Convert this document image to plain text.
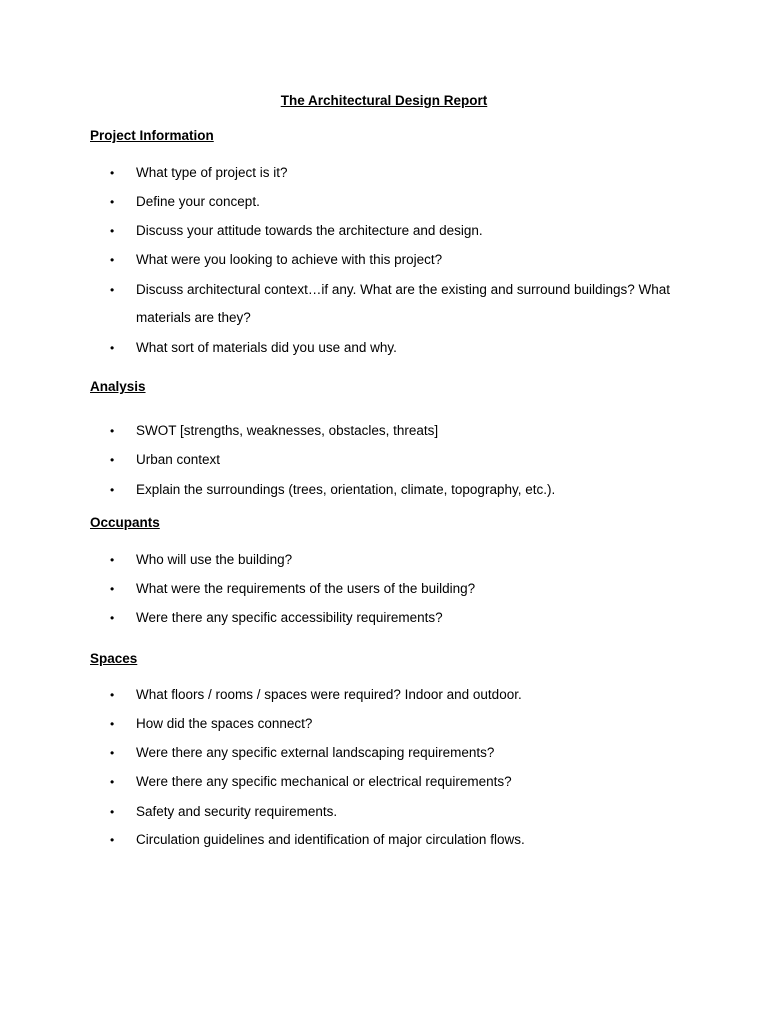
The Architectural Design Report
Project Information
• What type of project is it?
• Define your concept.
• Discuss your attitude towards the architecture and design.
• What were you looking to achieve with this project?
• Discuss architectural context…if any. What are the existing and surround buildings? What materials are they?
• What sort of materials did you use and why.
Analysis
• SWOT [strengths, weaknesses, obstacles, threats]
• Urban context
• Explain the surroundings (trees, orientation, climate, topography, etc.).
Occupants
• Who will use the building?
• What were the requirements of the users of the building?
• Were there any specific accessibility requirements?
Spaces
• What floors / rooms / spaces were required? Indoor and outdoor.
• How did the spaces connect?
• Were there any specific external landscaping requirements?
• Were there any specific mechanical or electrical requirements?
• Safety and security requirements.
• Circulation guidelines and identification of major circulation flows.
